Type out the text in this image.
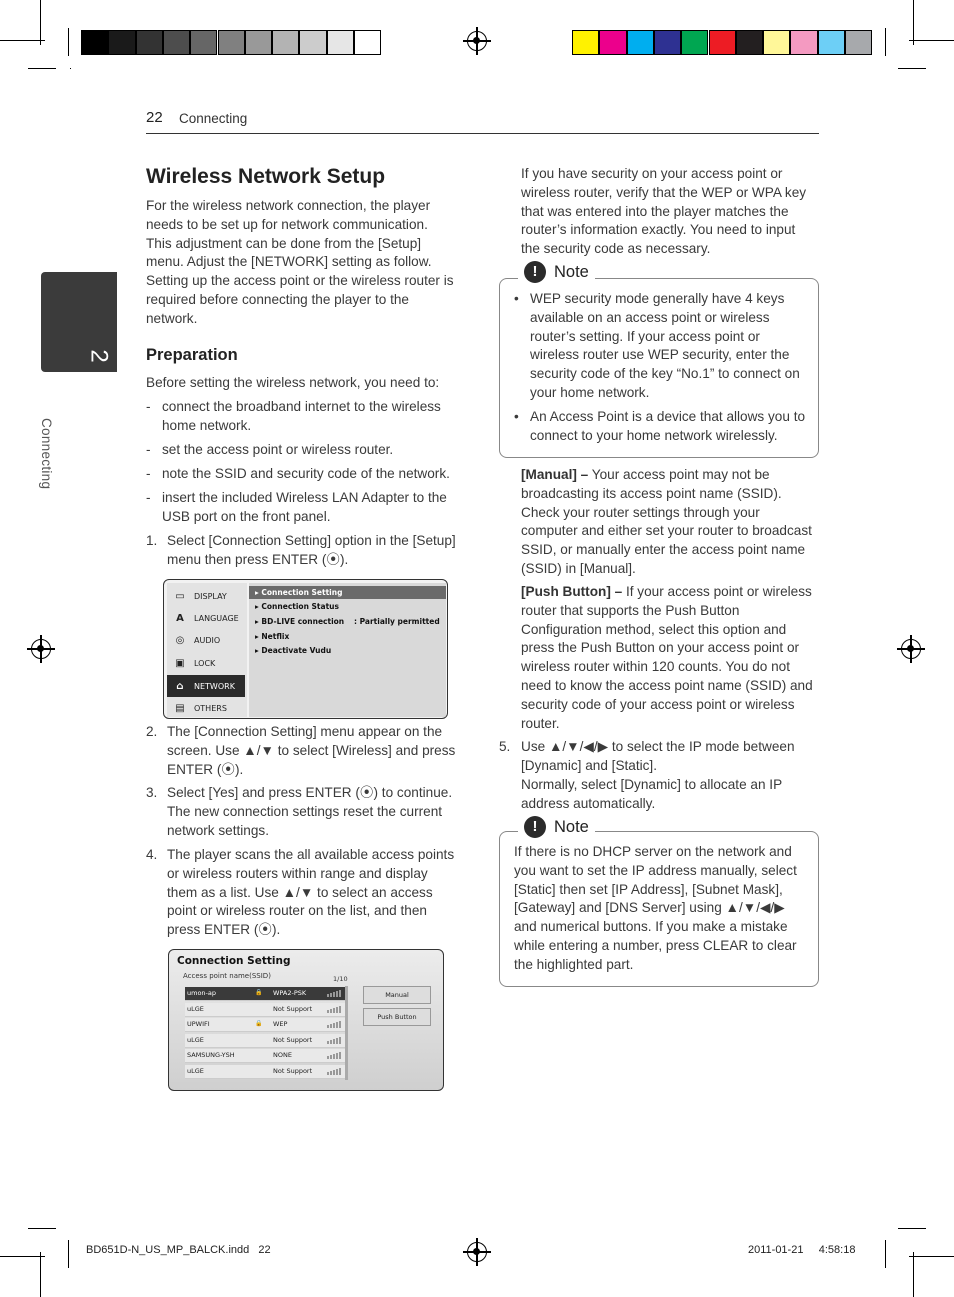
BD651D-N_US_MP_BALCK.indd   22	2011-01-21     4:58:18
22 Connecting
2
Connecting
Wireless Network Setup
For the wireless network connection, the player needs to be set up for network communication. This adjustment can be done from the [Setup] menu. Adjust the [NETWORK] setting as follow. Setting up the access point or the wireless router is required before connecting the player to the network.
Preparation
Before setting the wireless network, you need to:
- connect the broadband internet to the wireless home network.
- set the access point or wireless router.
- note the SSID and security code of the network.
- insert the included Wireless LAN Adapter to the USB port on the front panel.
1. Select [Connection Setting] option in the [Setup] menu then press ENTER (⦿).
▭	DISPLAY
A	LANGUAGE
◎	AUDIO
▣	LOCK
⌂	NETWORK
▤	OTHERS
▸ Connection Setting
▸ Connection Status
▸ BD-LIVE connection : Partially permitted
▸ Netflix
▸ Deactivate Vudu
2. The [Connection Setting] menu appear on the screen. Use ▲/▼ to select [Wireless] and press ENTER (⦿).
3. Select [Yes] and press ENTER (⦿) to continue. The new connection settings reset the current network settings.
4. The player scans the all available access points or wireless routers within range and display them as a list. Use ▲/▼ to select an access point or wireless router on the list, and then press ENTER (⦿).
Connection Setting
Access point name(SSID)	1/10
Manual
Push Button
umon-ap	🔒 WPA2-PSK
uLGE	Not Support
UPWIFI	🔒 WEP
uLGE	Not Support
SAMSUNG-YSH	NONE
uLGE	Not Support
If you have security on your access point or wireless router, verify that the WEP or WPA key that was entered into the player matches the router’s information exactly. You need to input the security code as necessary.
!	Note
• WEP security mode generally have 4 keys available on an access point or wireless router’s setting. If your access point or wireless router use WEP security, enter the security code of the key “No.1” to connect on your home network.
• An Access Point is a device that allows you to connect to your home network wirelessly.
[Manual] – Your access point may not be broadcasting its access point name (SSID). Check your router settings through your computer and either set your router to broadcast SSID, or manually enter the access point name (SSID) in [Manual].
[Push Button] – If your access point or wireless router that supports the Push Button Configuration method, select this option and press the Push Button on your access point or wireless router within 120 counts. You do not need to know the access point name (SSID) and security code of your access point or wireless router.
5. Use ▲/▼/◀/▶ to select the IP mode between [Dynamic] and [Static].
Normally, select [Dynamic] to allocate an IP address automatically.
!	Note
If there is no DHCP server on the network and you want to set the IP address manually, select [Static] then set [IP Address], [Subnet Mask], [Gateway] and [DNS Server] using ▲/▼/◀/▶ and numerical buttons. If you make a mistake while entering a number, press CLEAR to clear the highlighted part.
